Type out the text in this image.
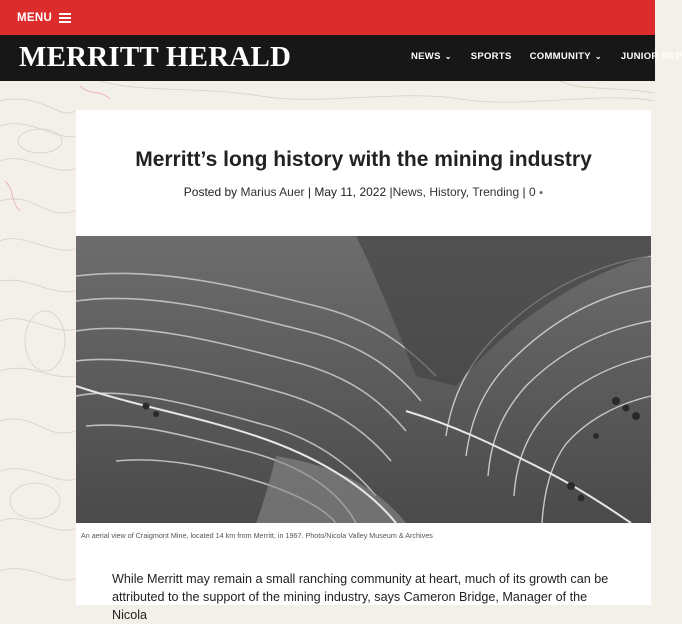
MENU
MERRITT HERALD	NEWS ⌄ SPORTS COMMUNITY ⌄ JUNIOR REP
Merritt’s long history with the mining industry
Posted by Marius Auer | May 11, 2022 |News, History, Trending | 0 ●
An aerial view of Craigmont Mine, located 14 km from Merritt, in 1967. Photo/Nicola Valley Museum & Archives
While Merritt may remain a small ranching community at heart, much of its growth can be
attributed to the support of the mining industry, says Cameron Bridge, Manager of the Nicola
